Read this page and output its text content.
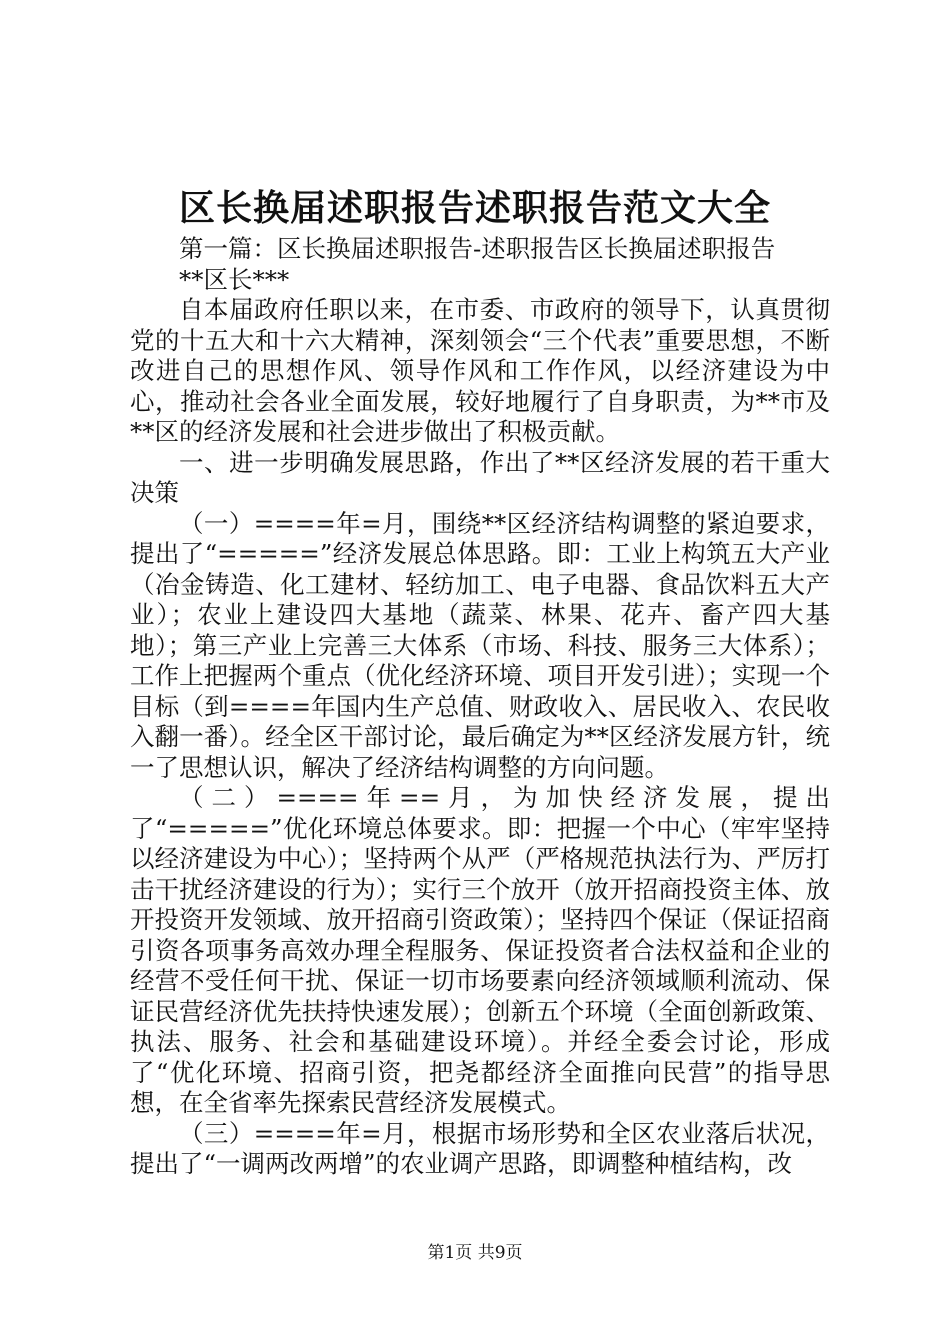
区长换届述职报告述职报告范文大全

第一篇：区长换届述职报告-述职报告区长换届述职报告

**区长***

自本届政府任职以来，在市委、市政府的领导下，认真贯彻党的十五大和十六大精神，深刻领会“三个代表”重要思想，不断改进自己的思想作风、领导作风和工作作风，以经济建设为中心，推动社会各业全面发展，较好地履行了自身职责，为**市及**区的经济发展和社会进步做出了积极贡献。

一、进一步明确发展思路，作出了**区经济发展的若干重大决策

（一）====年=月，围绕**区经济结构调整的紧迫要求，提出了“=====”经济发展总体思路。即：工业上构筑五大产业（冶金铸造、化工建材、轻纺加工、电子电器、食品饮料五大产业）；农业上建设四大基地（蔬菜、林果、花卉、畜产四大基地）；第三产业上完善三大体系（市场、科技、服务三大体系）；工作上把握两个重点（优化经济环境、项目开发引进）；实现一个目标（到====年国内生产总值、财政收入、居民收入、农民收入翻一番）。经全区干部讨论，最后确定为**区经济发展方针，统一了思想认识，解决了经济结构调整的方向问题。

（二）====年==月，为加快经济发展，提出了“=====”优化环境总体要求。即：把握一个中心（牢牢坚持以经济建设为中心）；坚持两个从严（严格规范执法行为、严厉打击干扰经济建设的行为）；实行三个放开（放开招商投资主体、放开投资开发领域、放开招商引资政策）；坚持四个保证（保证招商引资各项事务高效办理全程服务、保证投资者合法权益和企业的经营不受任何干扰、保证一切市场要素向经济领域顺利流动、保证民营经济优先扶持快速发展）；创新五个环境（全面创新政策、执法、服务、社会和基础建设环境）。并经全委会讨论，形成了“优化环境、招商引资，把尧都经济全面推向民营”的指导思想，在全省率先探索民营经济发展模式。

（三）====年=月，根据市场形势和全区农业落后状况，提出了“一调两改两增”的农业调产思路，即调整种植结构，改

第1页 共9页
